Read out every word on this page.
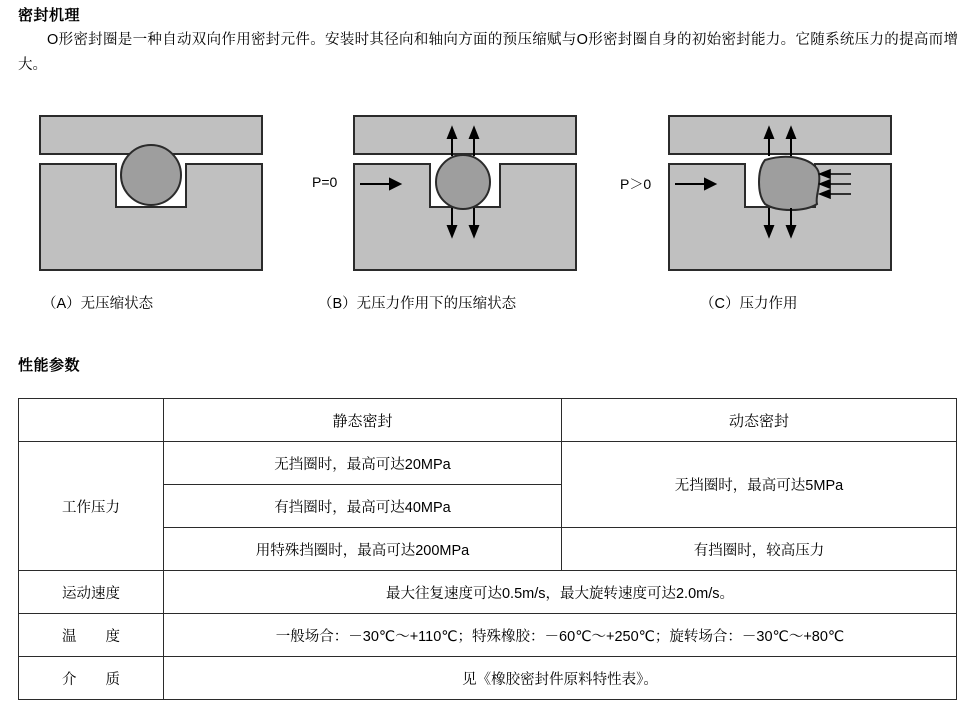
密封机理
O形密封圈是一种自动双向作用密封元件。安装时其径向和轴向方面的预压缩赋与O形密封圈自身的初始密封能力。它随系统压力的提高而增大。
P=0	P＞0
（A）无压缩状态	（B）无压力作用下的压缩状态	（C）压力作用
性能参数
	静态密封	动态密封
工作压力	无挡圈时，最高可达20MPa	无挡圈时，最高可达5MPa
	有挡圈时，最高可达40MPa	
	用特殊挡圈时，最高可达200MPa	有挡圈时，较高压力
运动速度	最大往复速度可达0.5m/s，最大旋转速度可达2.0m/s。	
温　　度	一般场合：－30℃～+110℃；特殊橡胶：－60℃～+250℃；旋转场合：－30℃～+80℃	
介　　质	见《橡胶密封件原料特性表》。	
